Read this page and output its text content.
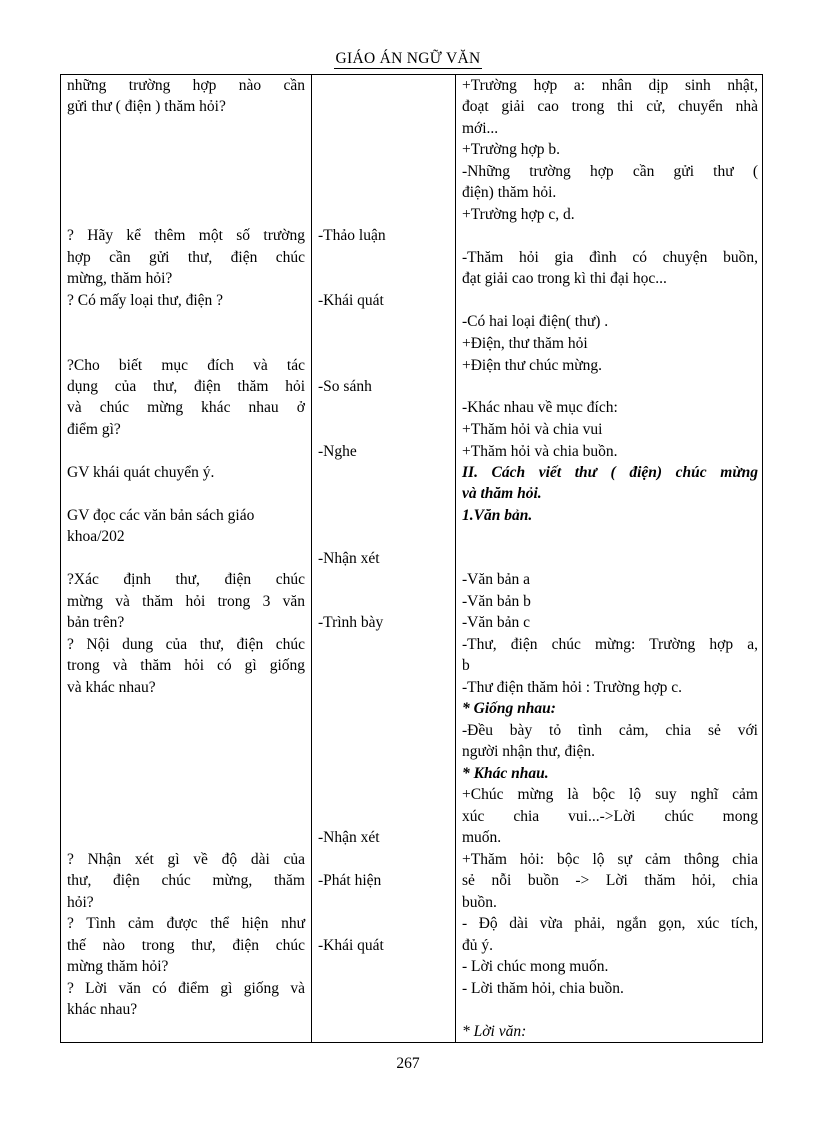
GIÁO ÁN NGỮ VĂN
những trường hợp nào cần
gửi thư ( điện ) thăm hỏi?
? Hãy kể thêm một số trường
hợp cần gửi thư, điện chúc
mừng, thăm hỏi?
? Có mấy loại thư, điện ?
?Cho biết mục đích và tác
dụng của thư, điện thăm hỏi
và chúc mừng khác nhau ở
điểm gì?
GV khái quát chuyển ý.
GV đọc các văn bản sách giáo
khoa/202
?Xác định thư, điện chúc
mừng và thăm hỏi trong 3 văn
bản trên?
? Nội dung của thư, điện chúc
trong và thăm hỏi có gì giống
và khác nhau?
? Nhận xét gì về độ dài của
thư, điện chúc mừng, thăm
hỏi?
? Tình cảm được thể hiện như
thế nào trong thư, điện chúc
mừng thăm hỏi?
? Lời văn có điểm gì giống và
khác nhau?
-Thảo luận
-Khái quát
-So sánh
-Nghe
-Nhận xét
-Trình bày
-Nhận xét
-Phát hiện
-Khái quát
+Trường hợp a: nhân dịp sinh nhật,
đoạt giải cao trong thi cử, chuyển nhà
mới...
+Trường hợp b.
-Những trường hợp cần gửi thư (
điện) thăm hỏi.
+Trường hợp c, d.
-Thăm hỏi gia đình có chuyện buồn,
đạt giải cao trong kì thi đại học...
-Có hai loại điện( thư) .
+Điện, thư thăm hỏi
+Điện thư chúc mừng.
-Khác nhau về mục đích:
+Thăm hỏi và chia vui
+Thăm hỏi và chia buồn.
II. Cách viết thư ( điện) chúc mừng
và thăm hỏi.
1.Văn bản.
-Văn bản a
-Văn bản b
-Văn bản c
-Thư, điện chúc mừng: Trường hợp a,
b
-Thư điện thăm hỏi : Trường hợp c.
* Giống nhau:
-Đều bày tỏ tình cảm, chia sẻ với
người nhận thư, điện.
* Khác nhau.
+Chúc mừng là bộc lộ suy nghĩ cảm
xúc chia vui...->Lời chúc mong
muốn.
+Thăm hỏi: bộc lộ sự cảm thông chia
sẻ nỗi buồn -> Lời thăm hỏi, chia
buồn.
- Độ dài vừa phải, ngắn gọn, xúc tích,
đủ ý.
- Lời chúc mong muốn.
- Lời thăm hỏi, chia buồn.
* Lời văn:
267
